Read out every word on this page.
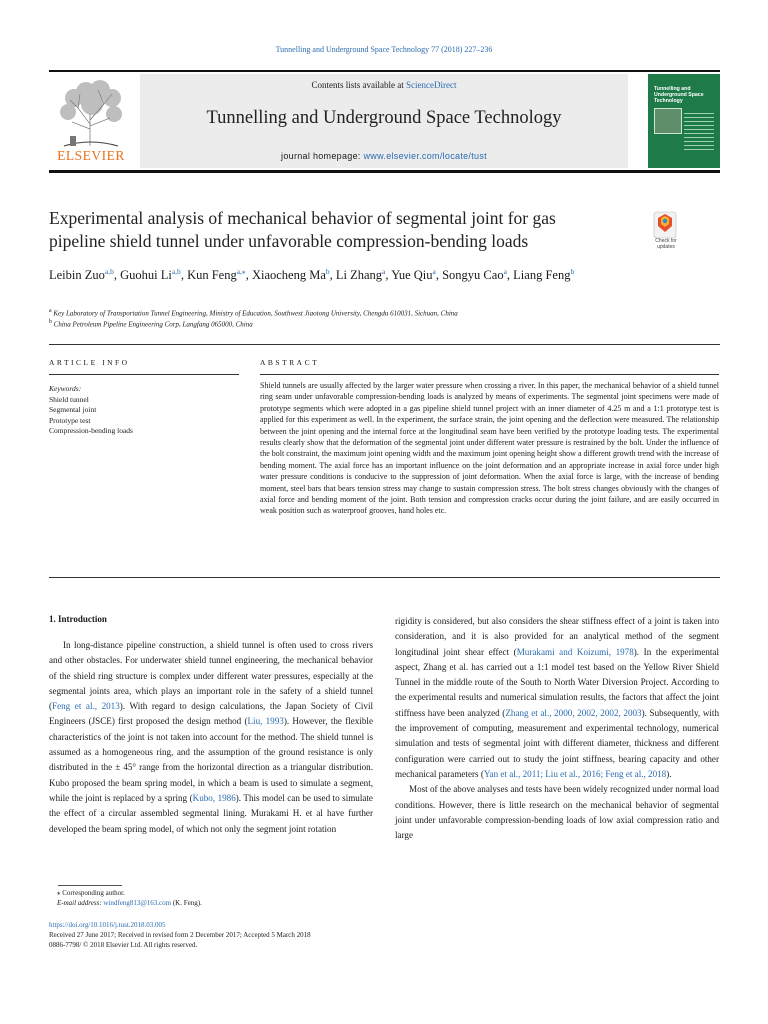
Tunnelling and Underground Space Technology 77 (2018) 227–236
ELSEVIER
Contents lists available at ScienceDirect
Tunnelling and Underground Space Technology
journal homepage: www.elsevier.com/locate/tust
Tunnelling and Underground Space Technology
Experimental analysis of mechanical behavior of segmental joint for gas pipeline shield tunnel under unfavorable compression-bending loads	Check for updates
Leibin Zuo$^{a,b}$, Guohui Li$^{a,b}$, Kun Feng$^{a,⁎}$, Xiaocheng Ma$^b$, Li Zhang$^a$, Yue Qiu$^a$, Songyu Cao$^a$, Liang Feng$^b$
$^a$ Key Laboratory of Transportation Tunnel Engineering, Ministry of Education, Southwest Jiaotong University, Chengdu 610031, Sichuan, China
$^b$ China Petroleum Pipeline Engineering Corp, Langfang 065000, China
ARTICLE INFO	ABSTRACT
Keywords:
Shield tunnel
Segmental joint
Prototype test
Compression-bending loads
Shield tunnels are usually affected by the larger water pressure when crossing a river. In this paper, the mechanical behavior of a shield tunnel ring seam under unfavorable compression-bending loads is analyzed by means of experiments. The segmental joint specimens were made of prototype segments which were adopted in a gas pipeline shield tunnel project with an inner diameter of 4.25 m and a 1:1 prototype test is applied for this experiment as well. In the experiment, the surface strain, the joint opening and the deflection were measured. The relationship between the joint opening and the internal force at the longitudinal seam have been verified by the prototype loading tests. The experimental results clearly show that the deformation of the segmental joint under different water pressure is restrained by the bolt. Under the influence of the bolt constraint, the maximum joint opening width and the maximum joint opening height show a different growth trend with the increase of bending moment. The axial force has an important influence on the joint deformation and an appropriate increase in axial force under high water pressure conditions is conducive to the suppression of joint deformation. When the axial force is large, with the increase of bending moment, steel bars that bears tension stress may change to sustain compression stress. The bolt stress changes obviously with the changes of axial force and bending moment of the joint. Both tension and compression cracks occur during the joint failure, and are easily occurred in weak position such as waterproof grooves, hand holes etc.
1. Introduction

In long-distance pipeline construction, a shield tunnel is often used to cross rivers and other obstacles. For underwater shield tunnel engineering, the mechanical behavior of the shield ring structure is complex under different water pressures, especially at the segmental joints area, which plays an important role in the safety of a shield tunnel (Feng et al., 2013). With regard to design calculations, the Japan Society of Civil Engineers (JSCE) first proposed the design method (Liu, 1993). However, the flexible characteristics of the joint is not taken into account for the method. The shield tunnel is assumed as a homogeneous ring, and the assumption of the ground resistance is only distributed in the ± 45° range from the horizontal direction as a triangular distribution. Kubo proposed the beam spring model, in which a beam is used to simulate a segment, while the joint is replaced by a spring (Kubo, 1986). This model can be used to simulate the effect of a circular assembled segmental lining. Murakami H. et al have further developed the beam spring model, of which not only the segment joint rotation

rigidity is considered, but also considers the shear stiffness effect of a joint is taken into consideration, and it is also provided for an analytical method of the segment longitudinal joint shear effect (Murakami and Koizumi, 1978). In the experimental aspect, Zhang et al. has carried out a 1:1 model test based on the Yellow River Shield Tunnel in the middle route of the South to North Water Diversion Project. According to the experimental results and numerical simulation results, the factors that affect the joint stiffness have been analyzed (Zhang et al., 2000, 2002, 2002, 2003). Subsequently, with the improvement of computing, measurement and experimental technology, numerical simulation and tests of segmental joint with different diameter, thickness and different configuration were carried out to study the joint stiffness, bearing capacity and other mechanical parameters (Yan et al., 2011; Liu et al., 2016; Feng et al., 2018).

Most of the above analyses and tests have been widely recognized under normal load conditions. However, there is little research on the mechanical behavior of segmental joint under unfavorable compression-bending loads of low axial compression ratio and large

⁎ Corresponding author.
E-mail address: windfeng813@163.com (K. Feng).
https://doi.org/10.1016/j.tust.2018.03.005
Received 27 June 2017; Received in revised form 2 December 2017; Accepted 5 March 2018
0886-7798/ © 2018 Elsevier Ltd. All rights reserved.
